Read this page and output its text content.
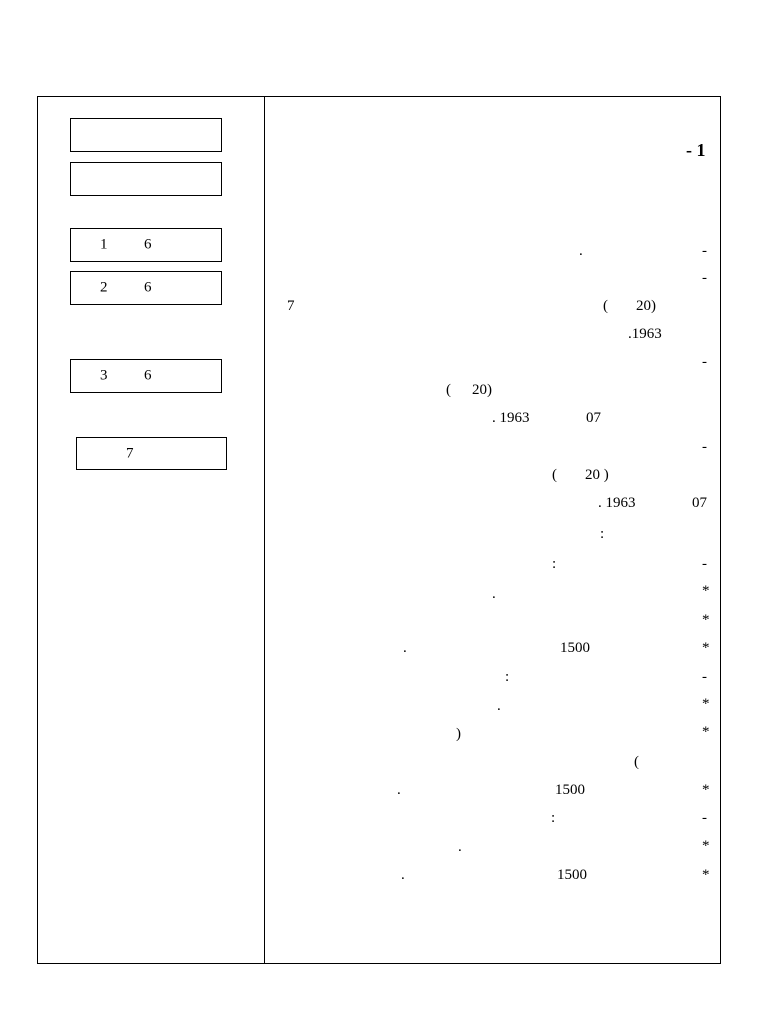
1 6
2 6
3 6
7
- 1
-
.
-
7	( 20)
.1963
-
( 20)
. 1963	07
-
( 20 )
. 1963	07
:
-
:
*
.
*
*
1500
.
-
:
*
.
*
)
(
*
1500
.
-
:
*
.
*
1500
.
